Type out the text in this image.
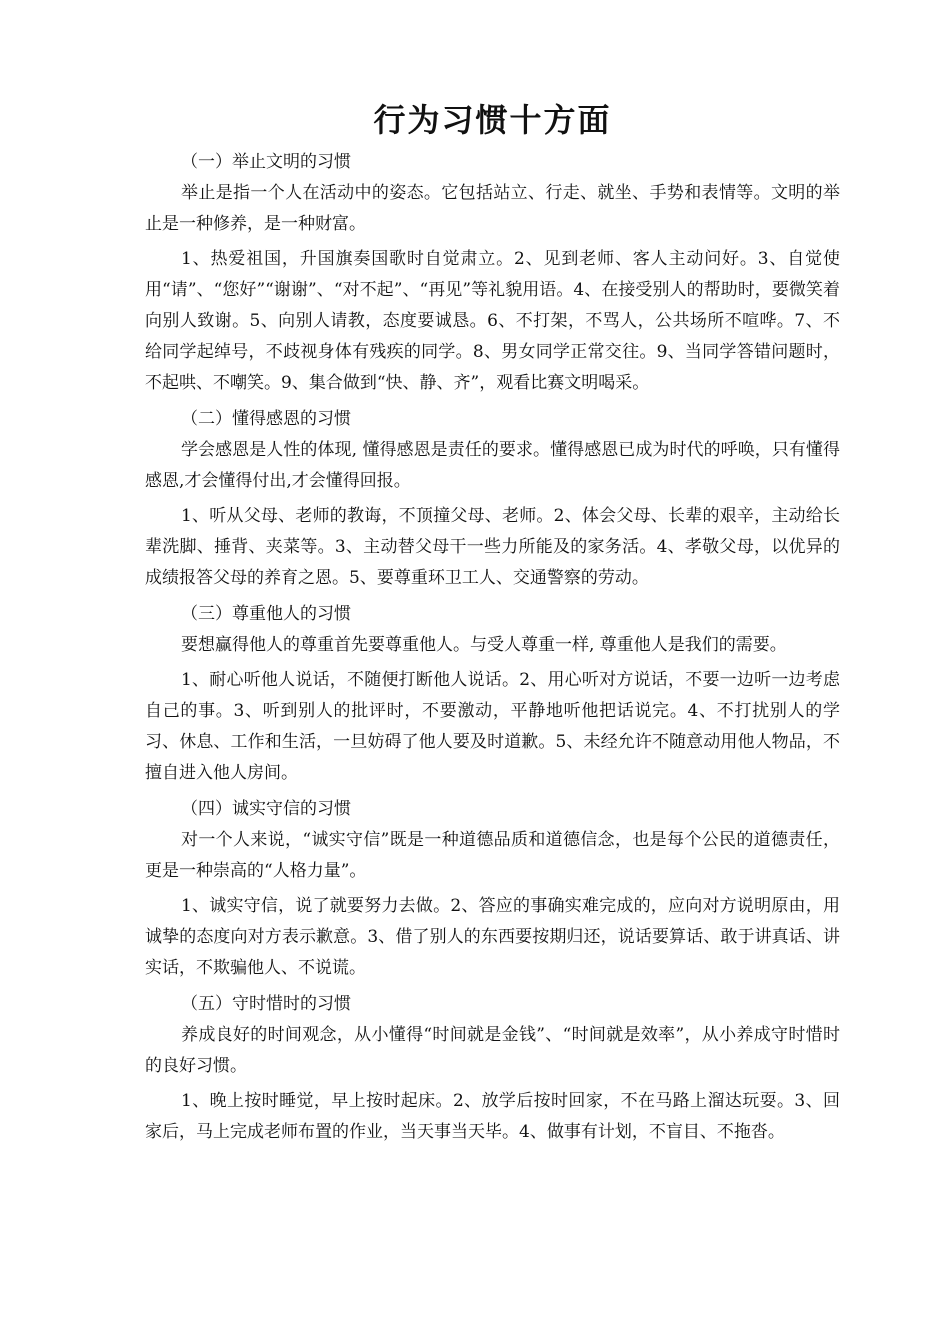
行为习惯十方面

（一）举止文明的习惯

举止是指一个人在活动中的姿态。它包括站立、行走、就坐、手势和表情等。文明的举止是一种修养，是一种财富。

1、热爱祖国，升国旗奏国歌时自觉肃立。2、见到老师、客人主动问好。3、自觉使用“请”、“您好”“谢谢”、“对不起”、“再见”等礼貌用语。4、在接受别人的帮助时，要微笑着向别人致谢。5、向别人请教，态度要诚恳。6、不打架，不骂人，公共场所不喧哗。7、不给同学起绰号，不歧视身体有残疾的同学。8、男女同学正常交往。9、当同学答错问题时，不起哄、不嘲笑。9、集合做到“快、静、齐”，观看比赛文明喝采。

（二）懂得感恩的习惯

学会感恩是人性的体现, 懂得感恩是责任的要求。懂得感恩已成为时代的呼唤，只有懂得感恩,才会懂得付出,才会懂得回报。

1、听从父母、老师的教诲，不顶撞父母、老师。2、体会父母、长辈的艰辛，主动给长辈洗脚、捶背、夹菜等。3、主动替父母干一些力所能及的家务活。4、孝敬父母，以优异的成绩报答父母的养育之恩。5、要尊重环卫工人、交通警察的劳动。

（三）尊重他人的习惯

要想赢得他人的尊重首先要尊重他人。与受人尊重一样, 尊重他人是我们的需要。

1、耐心听他人说话，不随便打断他人说话。2、用心听对方说话，不要一边听一边考虑自己的事。3、听到别人的批评时，不要激动，平静地听他把话说完。4、不打扰别人的学习、休息、工作和生活，一旦妨碍了他人要及时道歉。5、未经允许不随意动用他人物品，不擅自进入他人房间。

（四）诚实守信的习惯

对一个人来说，“诚实守信”既是一种道德品质和道德信念，也是每个公民的道德责任，更是一种崇高的“人格力量”。

1、诚实守信，说了就要努力去做。2、答应的事确实难完成的，应向对方说明原由，用诚挚的态度向对方表示歉意。3、借了别人的东西要按期归还，说话要算话、敢于讲真话、讲实话，不欺骗他人、不说谎。

（五）守时惜时的习惯

养成良好的时间观念，从小懂得“时间就是金钱”、“时间就是效率”，从小养成守时惜时的良好习惯。

1、晚上按时睡觉，早上按时起床。2、放学后按时回家，不在马路上溜达玩耍。3、回家后，马上完成老师布置的作业，当天事当天毕。4、做事有计划，不盲目、不拖沓。
